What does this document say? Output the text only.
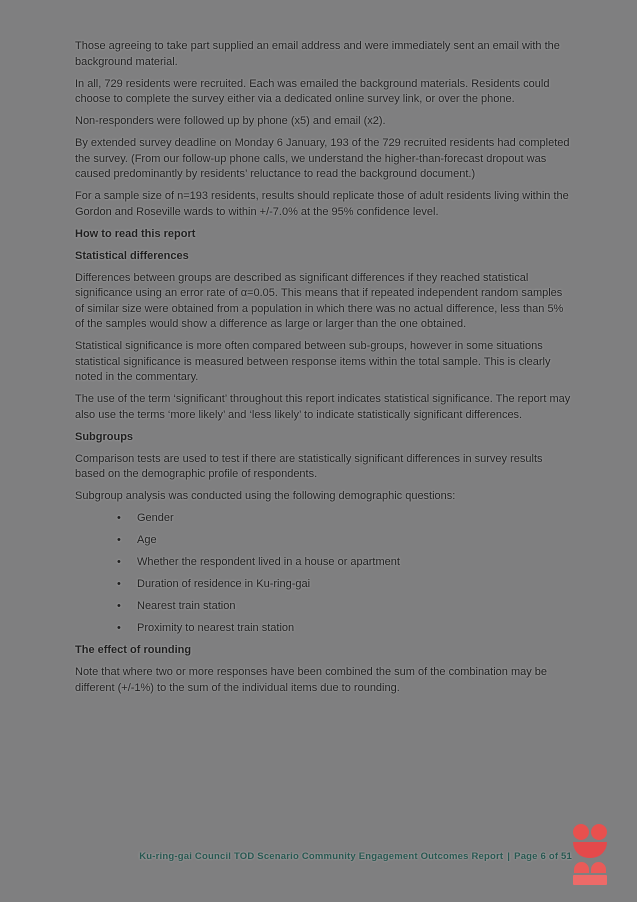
Those agreeing to take part supplied an email address and were immediately sent an email with the background material.

In all, 729 residents were recruited. Each was emailed the background materials. Residents could choose to complete the survey either via a dedicated online survey link, or over the phone.

Non-responders were followed up by phone (x5) and email (x2).

By extended survey deadline on Monday 6 January, 193 of the 729 recruited residents had completed the survey. (From our follow-up phone calls, we understand the higher-than-forecast dropout was caused predominantly by residents’ reluctance to read the background document.)

For a sample size of n=193 residents, results should replicate those of adult residents living within the Gordon and Roseville wards to within +/-7.0% at the 95% confidence level.

How to read this report

Statistical differences

Differences between groups are described as significant differences if they reached statistical significance using an error rate of α=0.05. This means that if repeated independent random samples of similar size were obtained from a population in which there was no actual difference, less than 5% of the samples would show a difference as large or larger than the one obtained.

Statistical significance is more often compared between sub-groups, however in some situations statistical significance is measured between response items within the total sample. This is clearly noted in the commentary.

The use of the term ‘significant’ throughout this report indicates statistical significance. The report may also use the terms ‘more likely’ and ‘less likely’ to indicate statistically significant differences.

Subgroups

Comparison tests are used to test if there are statistically significant differences in survey results based on the demographic profile of respondents.

Subgroup analysis was conducted using the following demographic questions:

• Gender
• Age
• Whether the respondent lived in a house or apartment
• Duration of residence in Ku-ring-gai
• Nearest train station
• Proximity to nearest train station

The effect of rounding

Note that where two or more responses have been combined the sum of the combination may be different (+/-1%) to the sum of the individual items due to rounding.

Ku-ring-gai Council TOD Scenario Community Engagement Outcomes Report | Page 6 of 51
